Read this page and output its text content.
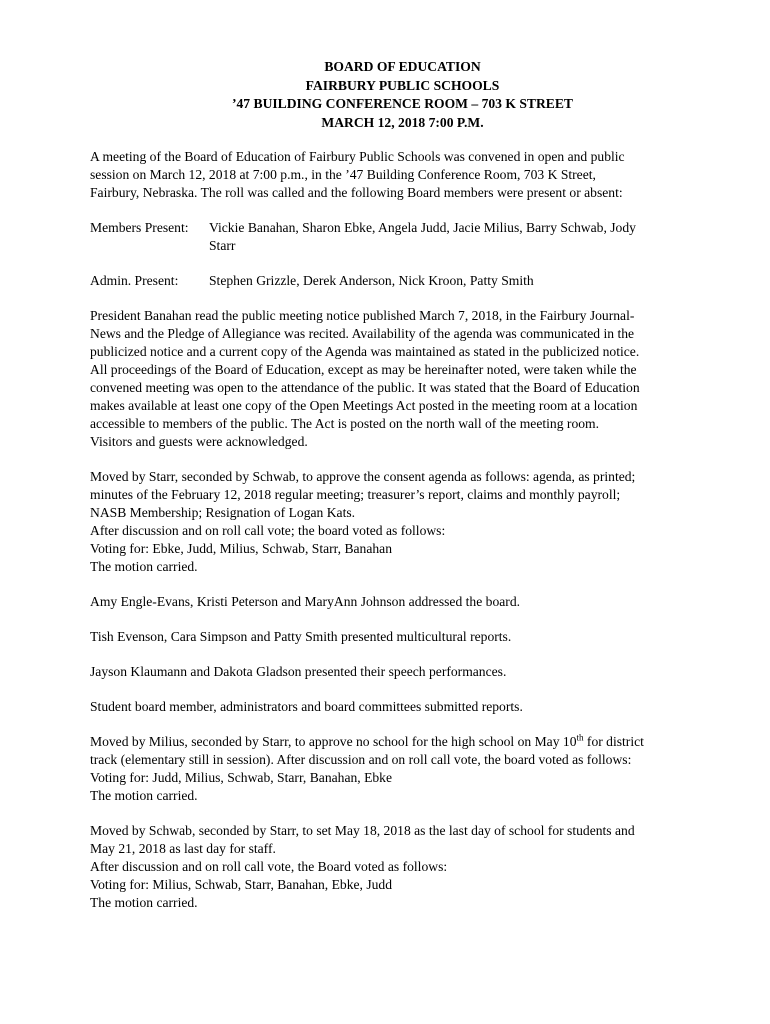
BOARD OF EDUCATION
FAIRBURY PUBLIC SCHOOLS
’47 BUILDING CONFERENCE ROOM – 703 K STREET
MARCH 12, 2018 7:00 P.M.

A meeting of the Board of Education of Fairbury Public Schools was convened in open and public
session on March 12, 2018 at 7:00 p.m., in the ’47 Building Conference Room, 703 K Street,
Fairbury, Nebraska. The roll was called and the following Board members were present or absent:

Members Present:	Vickie Banahan, Sharon Ebke, Angela Judd, Jacie Milius, Barry Schwab, Jody
Starr
Admin. Present:	Stephen Grizzle, Derek Anderson, Nick Kroon, Patty Smith

President Banahan read the public meeting notice published March 7, 2018, in the Fairbury Journal-
News and the Pledge of Allegiance was recited. Availability of the agenda was communicated in the
publicized notice and a current copy of the Agenda was maintained as stated in the publicized notice.
All proceedings of the Board of Education, except as may be hereinafter noted, were taken while the
convened meeting was open to the attendance of the public. It was stated that the Board of Education
makes available at least one copy of the Open Meetings Act posted in the meeting room at a location
accessible to members of the public. The Act is posted on the north wall of the meeting room.
Visitors and guests were acknowledged.

Moved by Starr, seconded by Schwab, to approve the consent agenda as follows: agenda, as printed;
minutes of the February 12, 2018 regular meeting; treasurer’s report, claims and monthly payroll;
NASB Membership; Resignation of Logan Kats.
After discussion and on roll call vote; the board voted as follows:
Voting for: Ebke, Judd, Milius, Schwab, Starr, Banahan
The motion carried.

Amy Engle-Evans, Kristi Peterson and MaryAnn Johnson addressed the board.

Tish Evenson, Cara Simpson and Patty Smith presented multicultural reports.

Jayson Klaumann and Dakota Gladson presented their speech performances.

Student board member, administrators and board committees submitted reports.

Moved by Milius, seconded by Starr, to approve no school for the high school on May 10th for district
track (elementary still in session). After discussion and on roll call vote, the board voted as follows:
Voting for: Judd, Milius, Schwab, Starr, Banahan, Ebke
The motion carried.

Moved by Schwab, seconded by Starr, to set May 18, 2018 as the last day of school for students and
May 21, 2018 as last day for staff.
After discussion and on roll call vote, the Board voted as follows:
Voting for: Milius, Schwab, Starr, Banahan, Ebke, Judd
The motion carried.
